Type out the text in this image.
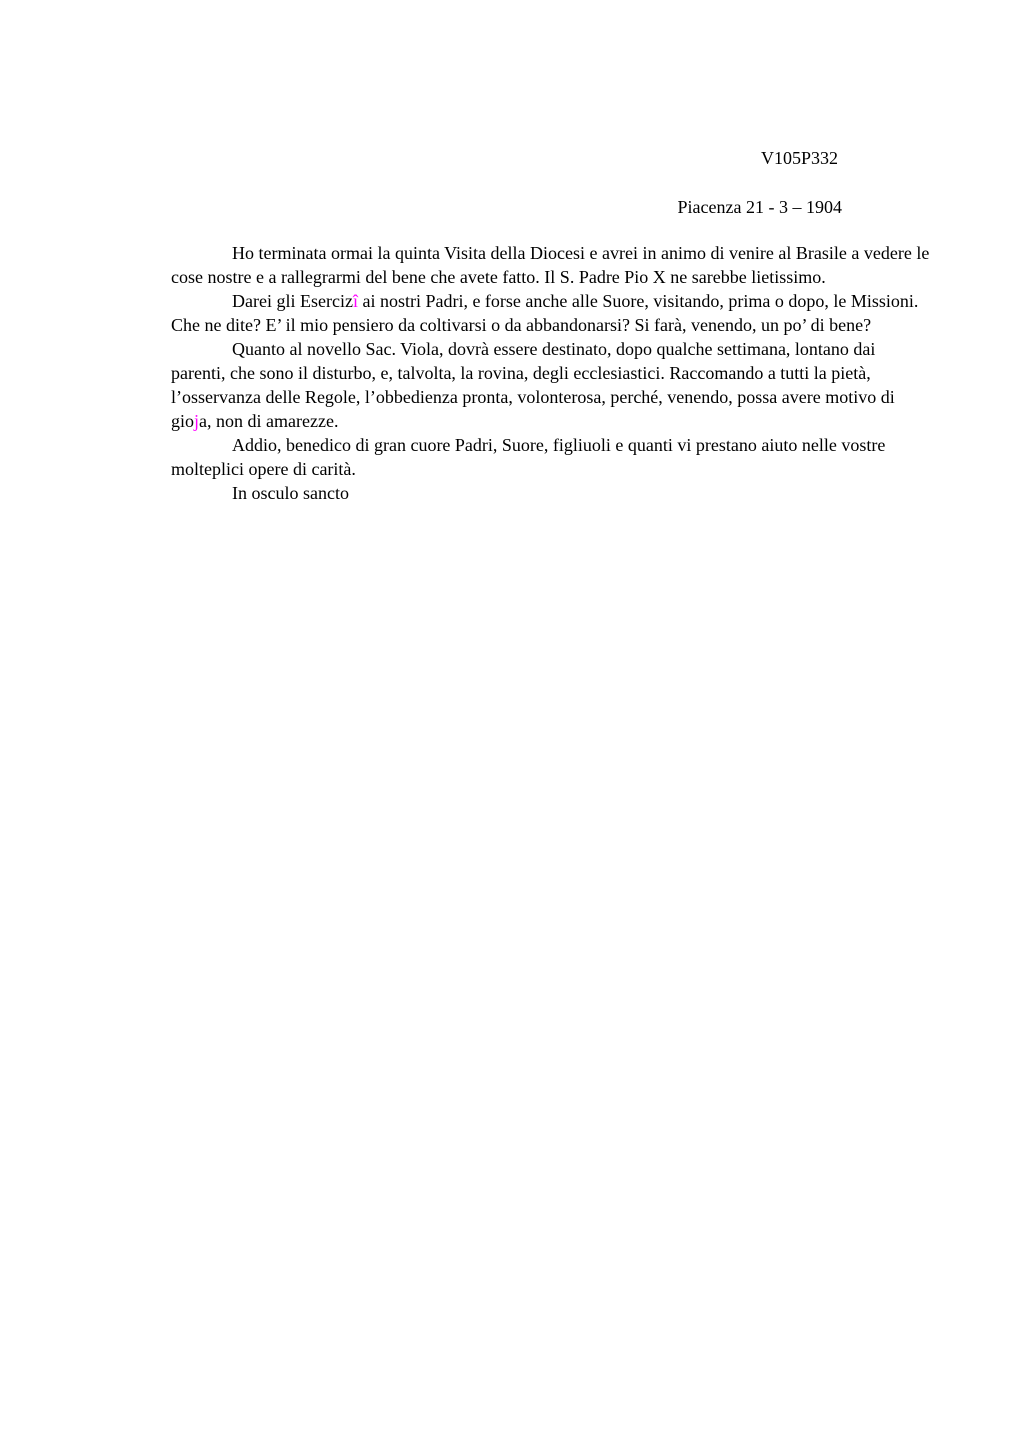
V105P332
Piacenza 21 - 3 – 1904

Ho terminata ormai la quinta Visita della Diocesi e avrei in animo di venire al Brasile a vedere le cose nostre e a rallegrarmi del bene che avete fatto. Il S. Padre Pio X ne sarebbe lietissimo.

Darei gli Esercizî ai nostri Padri, e forse anche alle Suore, visitando, prima o dopo, le Missioni. Che ne dite? E’ il mio pensiero da coltivarsi o da abbandonarsi? Si farà, venendo, un po’ di bene?

Quanto al novello Sac. Viola, dovrà essere destinato, dopo qualche settimana, lontano dai parenti, che sono il disturbo, e, talvolta, la rovina, degli ecclesiastici. Raccomando a tutti la pietà, l’osservanza delle Regole, l’obbedienza pronta, volonterosa, perché, venendo, possa avere motivo di gioja, non di amarezze.

Addio, benedico di gran cuore Padri, Suore, figliuoli e quanti vi prestano aiuto nelle vostre molteplici opere di carità.

In osculo sancto
